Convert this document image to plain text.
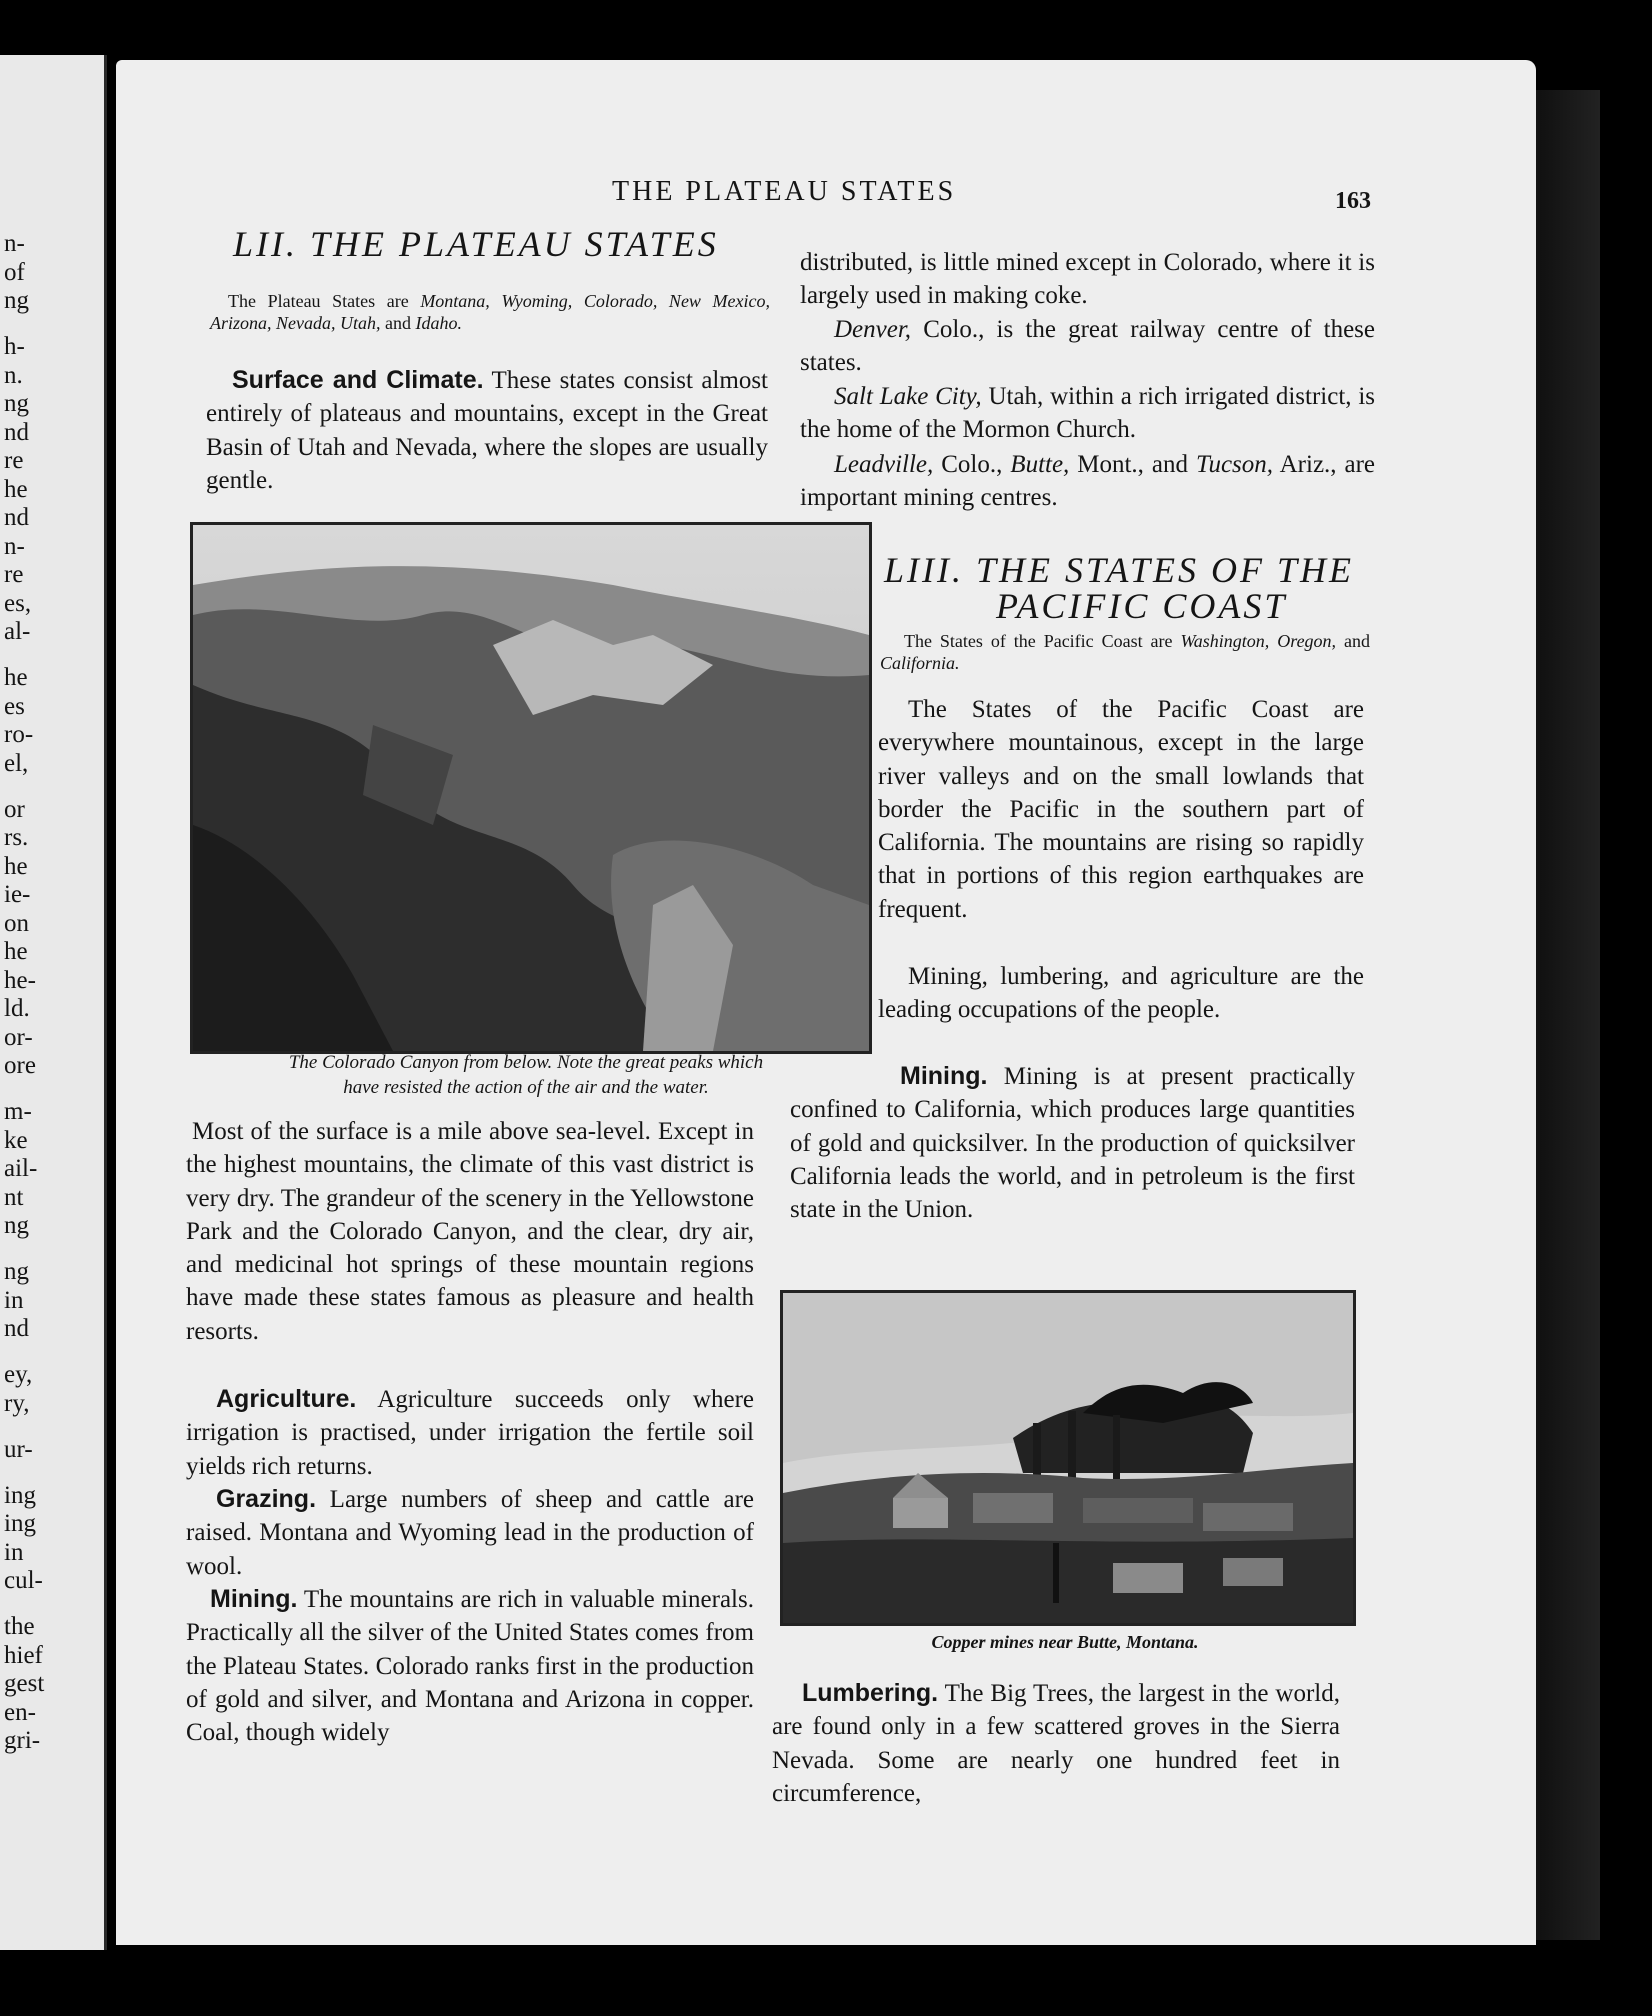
n-
of
ng
h-
n.
ng
nd
re
he
nd
n-
re
es,
al-
he
es
ro-
el,
or
rs.
he
ie-
on
he
he-
ld.
or-
ore
m-
ke
ail-
nt
ng
ng
in
nd
ey,
ry,
ur-
ing
ing
in
cul-
the
hief
gest
en-
gri-
THE PLATEAU STATES	163
LII. THE PLATEAU STATES
The Plateau States are Montana, Wyoming, Colorado, New Mexico, Arizona, Nevada, Utah, and Idaho.
Surface and Climate. These states consist almost entirely of plateaus and mountains, except in the Great Basin of Utah and Nevada, where the slopes are usually gentle.
The Colorado Canyon from below. Note the great peaks which
have resisted the action of the air and the water.
Most of the surface is a mile above sea-level. Except in the highest mountains, the climate of this vast district is very dry. The grandeur of the scenery in the Yellowstone Park and the Colorado Canyon, and the clear, dry air, and medicinal hot springs of these mountain regions have made these states famous as pleasure and health resorts.
Agriculture. Agriculture succeeds only where irrigation is practised, under irrigation the fertile soil yields rich returns.
Grazing. Large numbers of sheep and cattle are raised. Montana and Wyoming lead in the production of wool.
Mining. The mountains are rich in valuable minerals. Practically all the silver of the United States comes from the Plateau States. Colorado ranks first in the production of gold and silver, and Montana and Arizona in copper. Coal, though widely
distributed, is little mined except in Colorado, where it is largely used in making coke.
Denver, Colo., is the great railway centre of these states.
Salt Lake City, Utah, within a rich irrigated district, is the home of the Mormon Church.
Leadville, Colo., Butte, Mont., and Tucson, Ariz., are important mining centres.
LIII. THE STATES OF THE
PACIFIC COAST
The States of the Pacific Coast are Washington, Oregon, and California.
The States of the Pacific Coast are everywhere mountainous, except in the large river valleys and on the small lowlands that border the Pacific in the southern part of California. The mountains are rising so rapidly that in portions of this region earthquakes are frequent.
Mining, lumbering, and agriculture are the leading occupations of the people.
Mining. Mining is at present practically confined to California, which produces large quantities of gold and quicksilver. In the production of quicksilver California leads the world, and in petroleum is the first state in the Union.
Copper mines near Butte, Montana.
Lumbering. The Big Trees, the largest in the world, are found only in a few scattered groves in the Sierra Nevada. Some are nearly one hundred feet in circumference,
